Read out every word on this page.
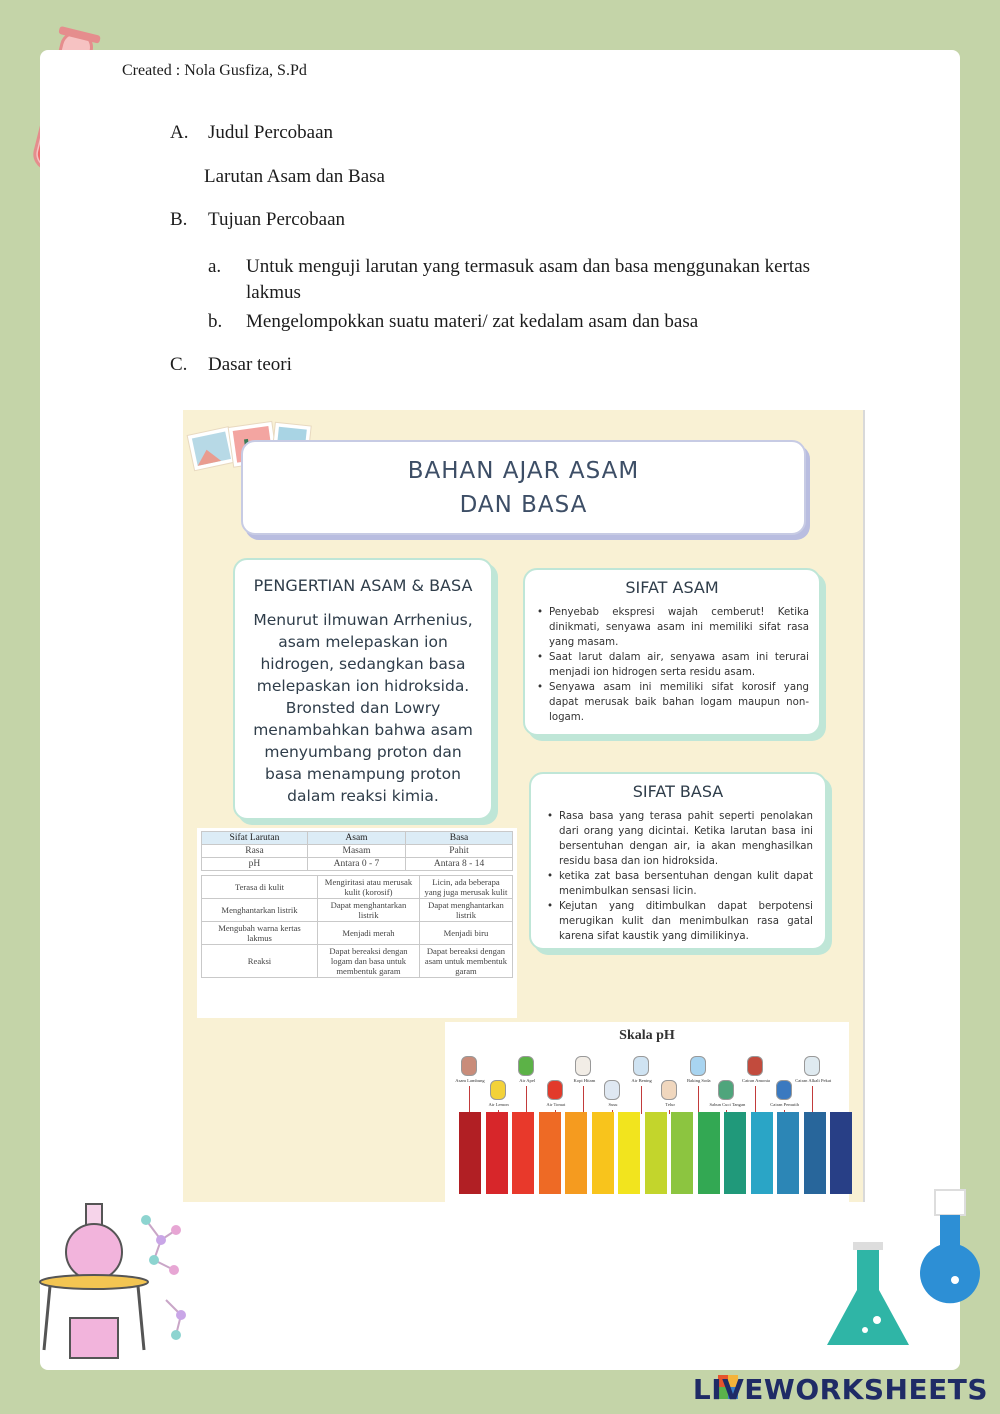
Created : Nola Gusfiza, S.Pd
A. Judul Percobaan
Larutan Asam dan Basa
B. Tujuan Percobaan
a. Untuk menguji larutan yang termasuk asam dan basa menggunakan kertas
lakmus
b. Mengelompokkan suatu materi/ zat kedalam asam dan basa
C. Dasar teori
BAHAN AJAR ASAM
DAN BASA
PENGERTIAN ASAM & BASA
Menurut ilmuwan Arrhenius,
asam melepaskan ion
hidrogen, sedangkan basa
melepaskan ion hidroksida.
Bronsted dan Lowry
menambahkan bahwa asam
menyumbang proton dan
basa menampung proton
dalam reaksi kimia.
SIFAT ASAM
• Penyebab ekspresi wajah cemberut! Ketika dinikmati, senyawa asam ini memiliki sifat rasa yang masam.
• Saat larut dalam air, senyawa asam ini terurai menjadi ion hidrogen serta residu asam.
• Senyawa asam ini memiliki sifat korosif yang dapat merusak baik bahan logam maupun non-logam.
SIFAT BASA
• Rasa basa yang terasa pahit seperti penolakan dari orang yang dicintai. Ketika larutan basa ini bersentuhan dengan air, ia akan menghasilkan residu basa dan ion hidroksida.
• ketika zat basa bersentuhan dengan kulit dapat menimbulkan sensasi licin.
• Kejutan yang ditimbulkan dapat berpotensi merugikan kulit dan menimbulkan rasa gatal karena sifat kaustik yang dimilikinya.
Sifat Larutan	Asam	Basa
Rasa	Masam	Pahit
pH	Antara 0 - 7	Antara 8 - 14
Terasa di kulit	Mengiritasi atau merusak kulit (korosif)	Licin, ada beberapa yang juga merusak kulit
Menghantarkan listrik	Dapat menghantarkan listrik	Dapat menghantarkan listrik
Mengubah warna kertas lakmus	Menjadi merah	Menjadi biru
Reaksi	Dapat bereaksi dengan logam dan basa untuk membentuk garam	Dapat bereaksi dengan asam untuk membentuk garam
Skala pH
Asam Lambung
Air Lemon
Air Apel
Air Tomat
Kopi Hitam
Susu
Air Bening
Telur
Baking Soda
Sabun Cuci Tangan
Cairan Amonia
Cairan Pemutih
Cairan Alkali Pekat
LIVEWORKSHEETS
